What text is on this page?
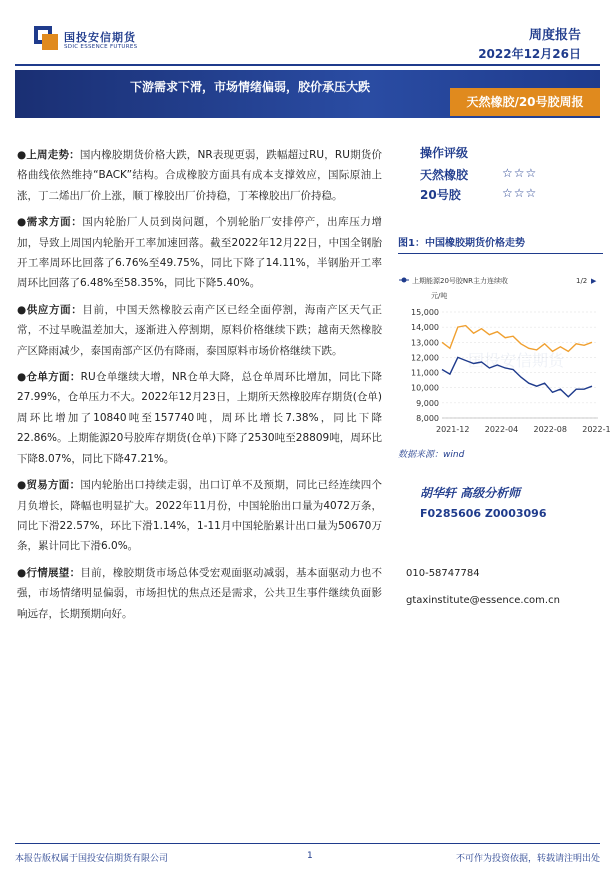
国投安信期货
SDIC ESSENCE FUTURES
周度报告
2022年12月26日
下游需求下滑，市场情绪偏弱，胶价承压大跌
天然橡胶/20号胶周报

●上周走势：国内橡胶期货价格大跌，NR表现更弱，跌幅超过RU，RU期货价格曲线依然维持“BACK”结构。合成橡胶方面具有成本支撑效应，国际原油上涨，丁二烯出厂价上涨，顺丁橡胶出厂价持稳，丁苯橡胶出厂价持稳。

●需求方面：国内轮胎厂人员到岗问题，个别轮胎厂安排停产，出库压力增加，导致上周国内轮胎开工率加速回落。截至2022年12月22日，中国全钢胎开工率周环比回落了6.76%至49.75%，同比下降了14.11%，半钢胎开工率周环比回落了6.48%至58.35%，同比下降5.40%。

●供应方面：目前，中国天然橡胶云南产区已经全面停割，海南产区天气正常，不过旱晚温差加大，逐渐进入停割期，原料价格继续下跌；越南天然橡胶产区降雨减少，泰国南部产区仍有降雨，泰国原料市场价格继续下跌。

●仓单方面：RU仓单继续大增，NR仓单大降，总仓单周环比增加，同比下降27.99%，仓单压力不大。2022年12月23日，上期所天然橡胶库存期货(仓单)周环比增加了10840吨至157740吨，周环比增长7.38%，同比下降22.86%。上期能源20号胶库存期货(仓单)下降了2530吨至28809吨，周环比下降8.07%，同比下降47.21%。

●贸易方面：国内轮胎出口持续走弱，出口订单不及预期，同比已经连续四个月负增长，降幅也明显扩大。2022年11月份，中国轮胎出口量为4072万条，同比下滑22.57%，环比下滑1.14%，1-11月中国轮胎累计出口量为50670万条，累计同比下滑6.0%。

●行情展望：目前，橡胶期货市场总体受宏观面驱动减弱，基本面驱动力也不强，市场情绪明显偏弱，市场担忧的焦点还是需求，公共卫生事件继续负面影响远存，长期预期向好。

操作评级
天然橡胶	☆☆☆
20号胶	☆☆☆
图1：中国橡胶期货价格走势
上期能源20号胶NR主力连续收	1/2 ▶
元/吨
15,000
14,000
13,000
12,000
11,000
10,000
9,000
8,000
2021-12 2022-04 2022-08 2022-1
国投安信期货
数据来源：wind
胡华轩 高级分析师
F0285606 Z0003096
010-58747784
gtaxinstitute@essence.com.cn
本报告版权属于国投安信期货有限公司	1	不可作为投资依据，转载请注明出处
